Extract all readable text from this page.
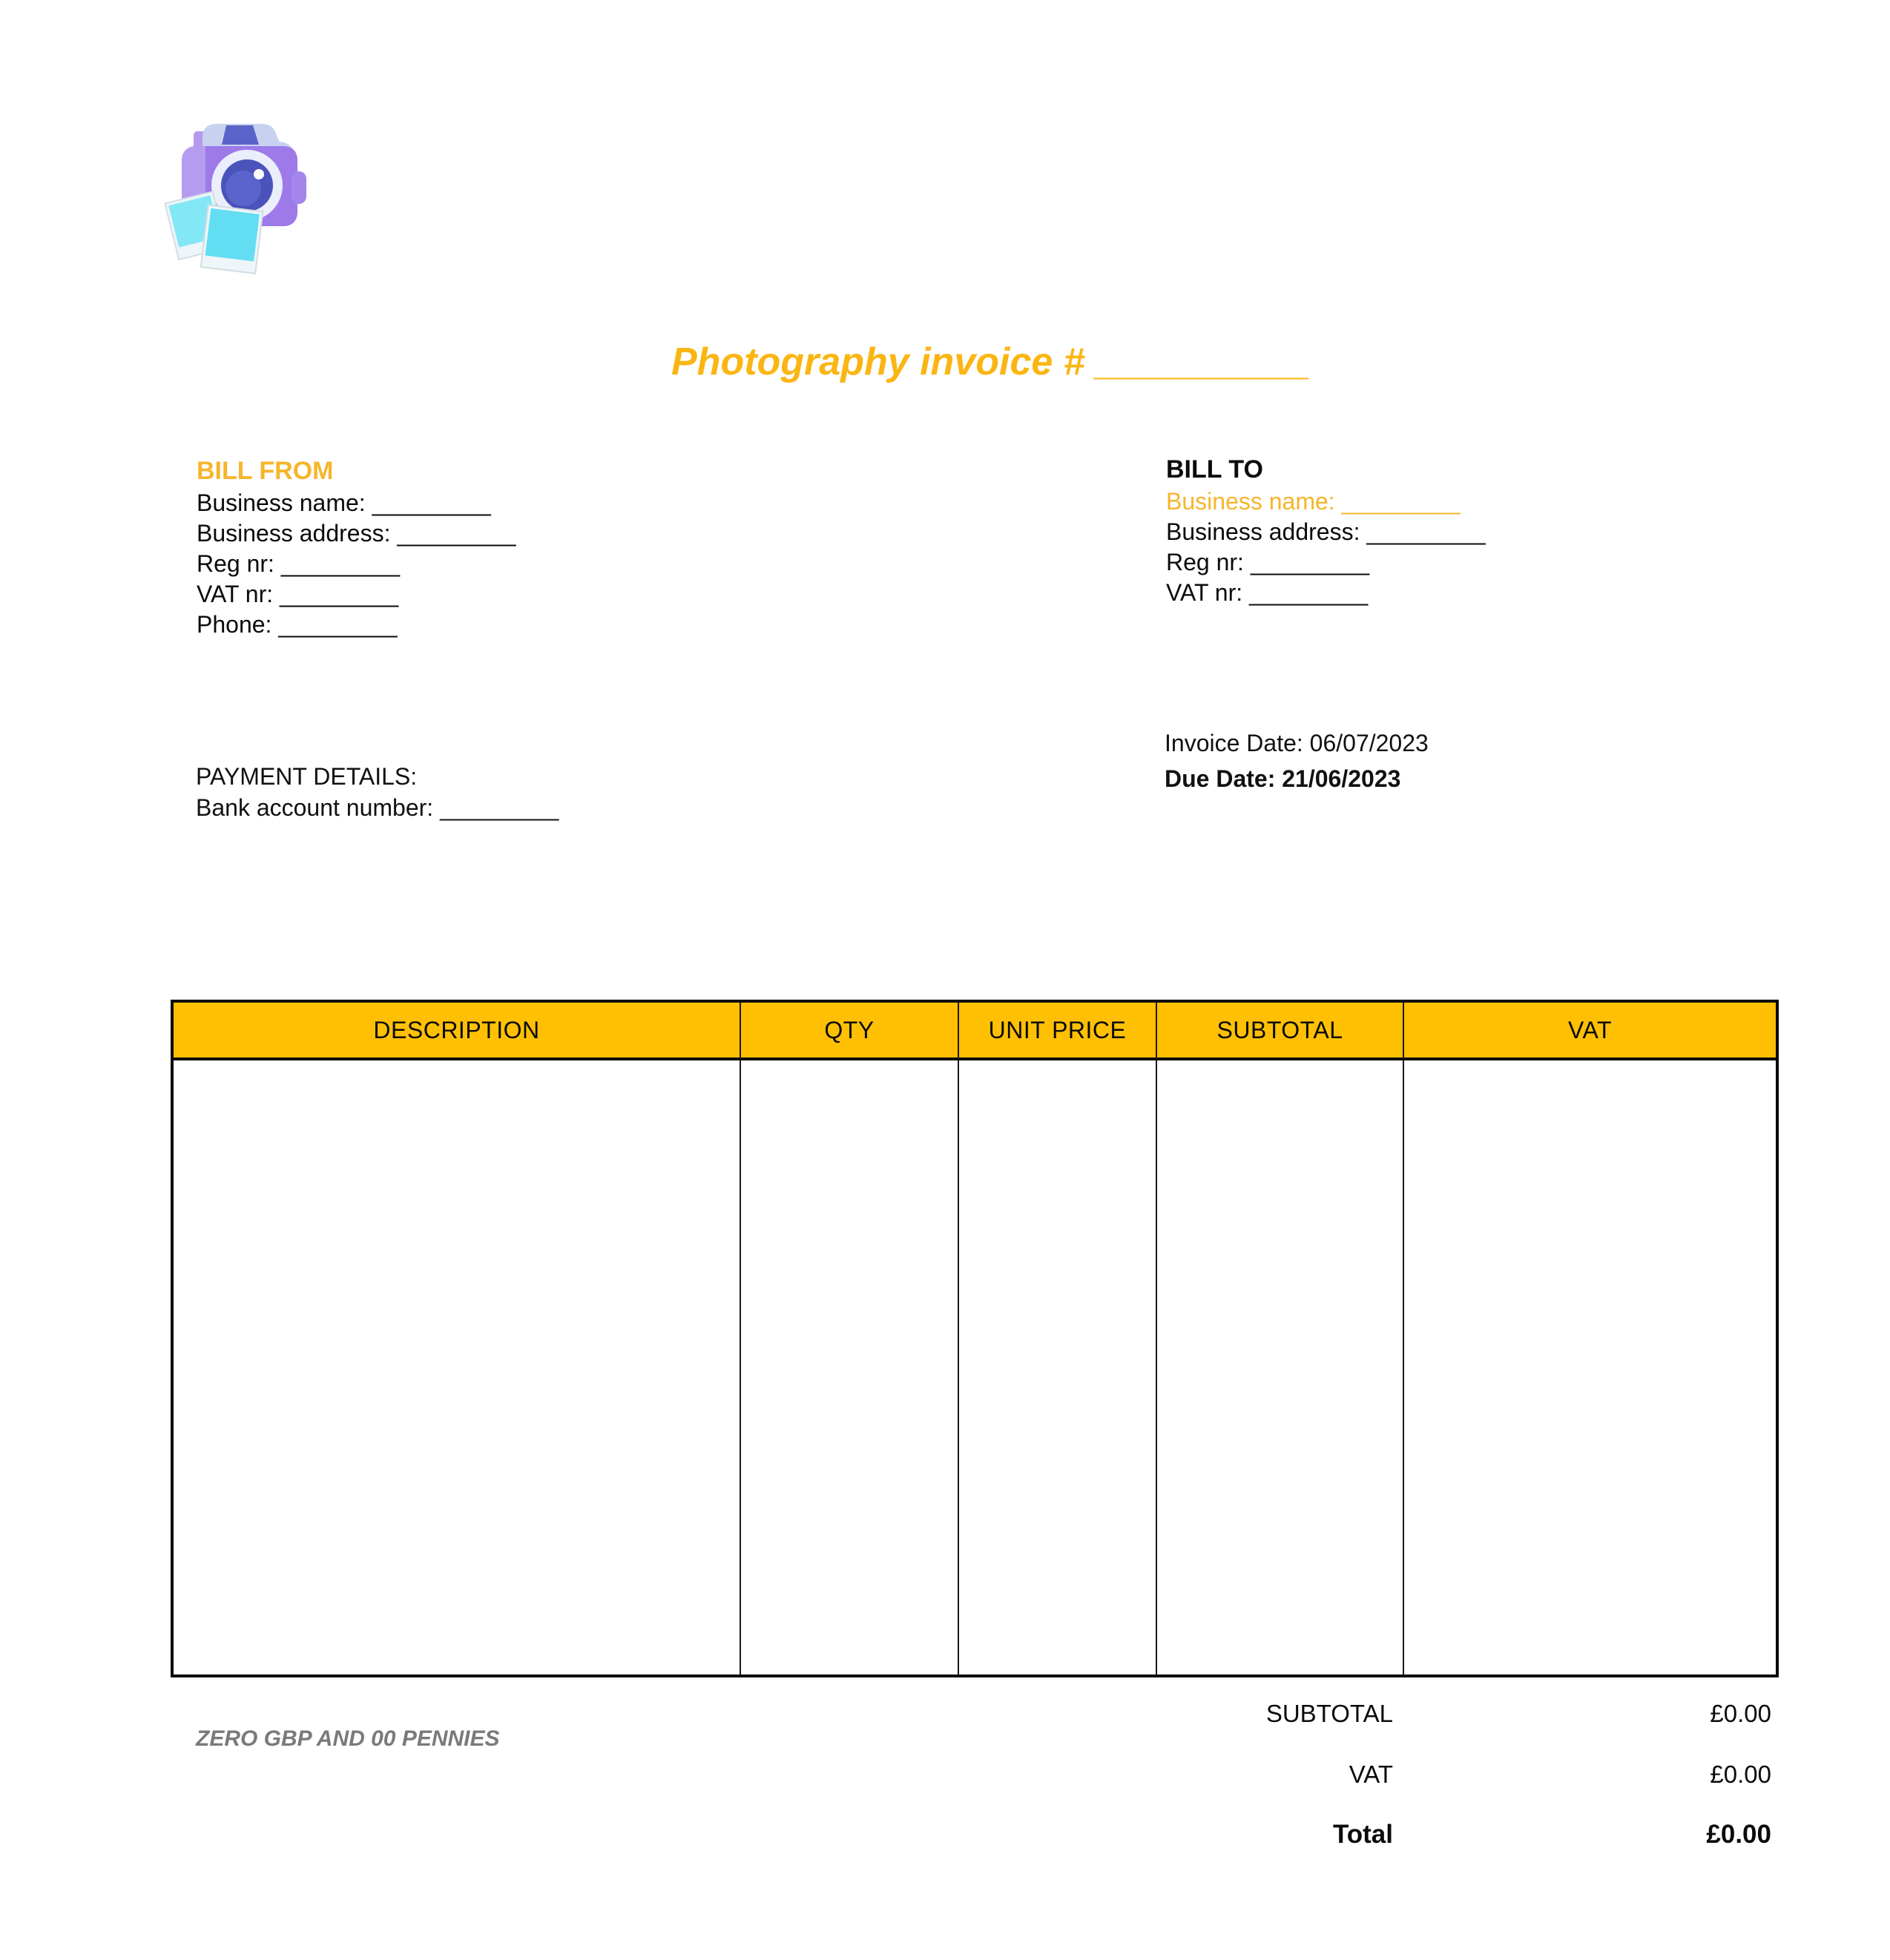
Photography invoice # __________
BILL FROM
Business name: _________
Business address: _________
Reg nr: _________
VAT nr: _________
Phone: _________
BILL TO
Business name: _________
Business address: _________
Reg nr: _________
VAT nr: _________
Invoice Date: 06/07/2023
Due Date: 21/06/2023
PAYMENT DETAILS:
Bank account number: _________
DESCRIPTION	QTY	UNIT PRICE	SUBTOTAL	VAT
SUBTOTAL	£0.00
VAT	£0.00
Total	£0.00
ZERO GBP AND 00 PENNIES
